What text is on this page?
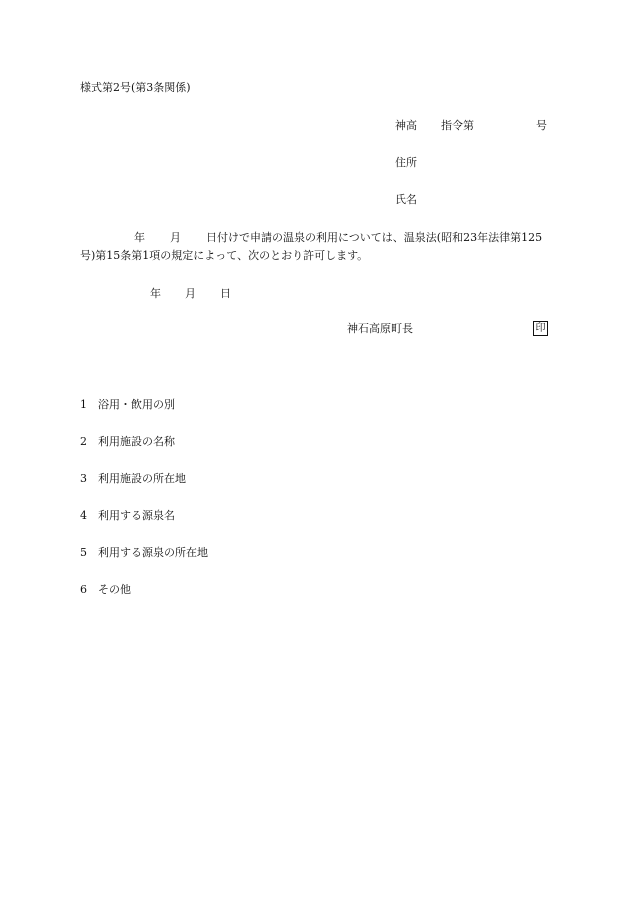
様式第2号(第3条関係)
神高 指令第	号
住所
氏名
年 月 日付けで申請の温泉の利用については、温泉法(昭和23年法律第125号)第15条第1項の規定によって、次のとおり許可します。
年 月 日
神石高原町長	印
1 浴用・飲用の別
2 利用施設の名称
3 利用施設の所在地
4 利用する源泉名
5 利用する源泉の所在地
6 その他
